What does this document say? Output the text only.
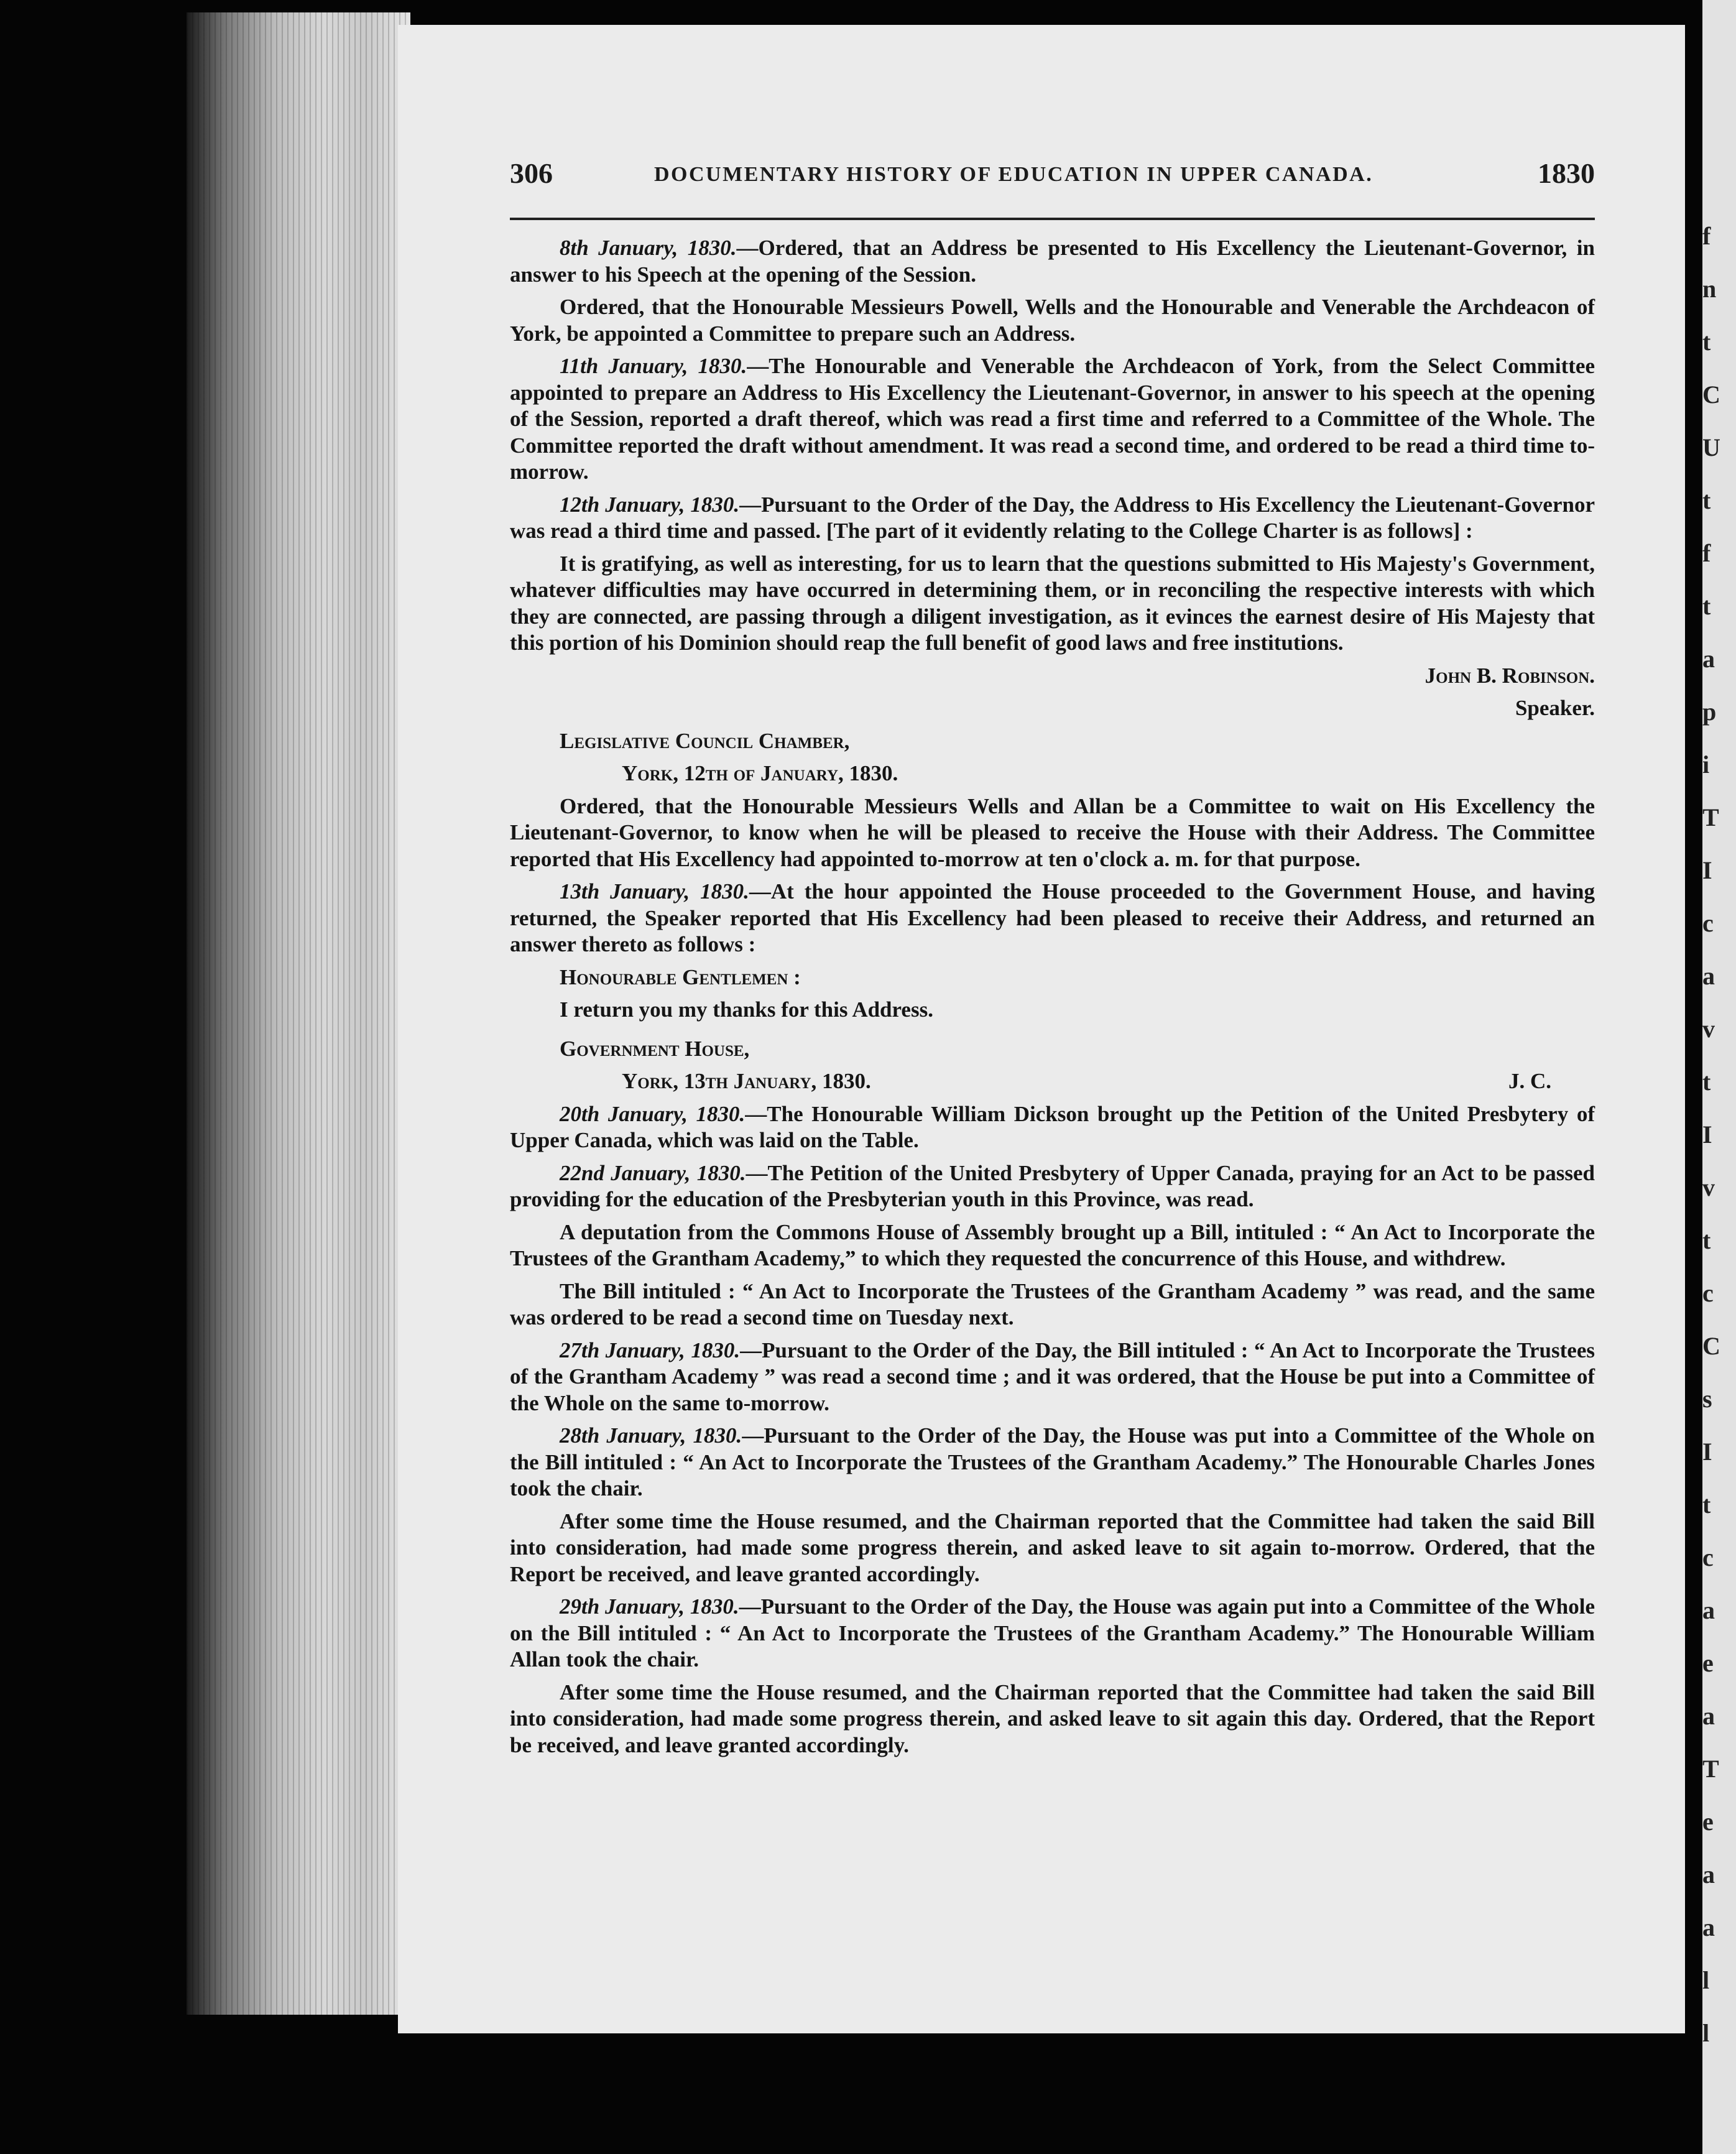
f
n
t
C
U
t
f
t
a
p
i
T
I
c
a
v
t
I
v
t
c
C
s
I
t
c
a
e
a
T
e
a
a
l
l
306	DOCUMENTARY HISTORY OF EDUCATION IN UPPER CANADA.	1830

8th January, 1830.—Ordered, that an Address be presented to His Excellency the Lieutenant-Governor, in answer to his Speech at the opening of the Session.

Ordered, that the Honourable Messieurs Powell, Wells and the Honourable and Venerable the Archdeacon of York, be appointed a Committee to prepare such an Address.

11th January, 1830.—The Honourable and Venerable the Archdeacon of York, from the Select Committee appointed to prepare an Address to His Excellency the Lieutenant-Governor, in answer to his speech at the opening of the Session, reported a draft thereof, which was read a first time and referred to a Committee of the Whole. The Committee reported the draft without amendment. It was read a second time, and ordered to be read a third time to-morrow.

12th January, 1830.—Pursuant to the Order of the Day, the Address to His Excellency the Lieutenant-Governor was read a third time and passed. [The part of it evidently relating to the College Charter is as follows] :

It is gratifying, as well as interesting, for us to learn that the questions submitted to His Majesty's Government, whatever difficulties may have occurred in determining them, or in reconciling the respective interests with which they are connected, are passing through a diligent investigation, as it evinces the earnest desire of His Majesty that this portion of his Dominion should reap the full benefit of good laws and free institutions.

John B. Robinson.

Speaker.

Legislative Council Chamber,

York, 12th of January, 1830.

Ordered, that the Honourable Messieurs Wells and Allan be a Committee to wait on His Excellency the Lieutenant-Governor, to know when he will be pleased to receive the House with their Address. The Committee reported that His Excellency had appointed to-morrow at ten o'clock a. m. for that purpose.

13th January, 1830.—At the hour appointed the House proceeded to the Government House, and having returned, the Speaker reported that His Excellency had been pleased to receive their Address, and returned an answer thereto as follows :

Honourable Gentlemen :

I return you my thanks for this Address.

Government House,

York, 13th January, 1830.	J. C.

20th January, 1830.—The Honourable William Dickson brought up the Petition of the United Presbytery of Upper Canada, which was laid on the Table.

22nd January, 1830.—The Petition of the United Presbytery of Upper Canada, praying for an Act to be passed providing for the education of the Presbyterian youth in this Province, was read.

A deputation from the Commons House of Assembly brought up a Bill, intituled : “ An Act to Incorporate the Trustees of the Grantham Academy,” to which they requested the concurrence of this House, and withdrew.

The Bill intituled : “ An Act to Incorporate the Trustees of the Grantham Academy ” was read, and the same was ordered to be read a second time on Tuesday next.

27th January, 1830.—Pursuant to the Order of the Day, the Bill intituled : “ An Act to Incorporate the Trustees of the Grantham Academy ” was read a second time ; and it was ordered, that the House be put into a Committee of the Whole on the same to-morrow.

28th January, 1830.—Pursuant to the Order of the Day, the House was put into a Committee of the Whole on the Bill intituled : “ An Act to Incorporate the Trustees of the Grantham Academy.” The Honourable Charles Jones took the chair.

After some time the House resumed, and the Chairman reported that the Committee had taken the said Bill into consideration, had made some progress therein, and asked leave to sit again to-morrow. Ordered, that the Report be received, and leave granted accordingly.

29th January, 1830.—Pursuant to the Order of the Day, the House was again put into a Committee of the Whole on the Bill intituled : “ An Act to Incorporate the Trustees of the Grantham Academy.” The Honourable William Allan took the chair.

After some time the House resumed, and the Chairman reported that the Committee had taken the said Bill into consideration, had made some progress therein, and asked leave to sit again this day. Ordered, that the Report be received, and leave granted accordingly.
